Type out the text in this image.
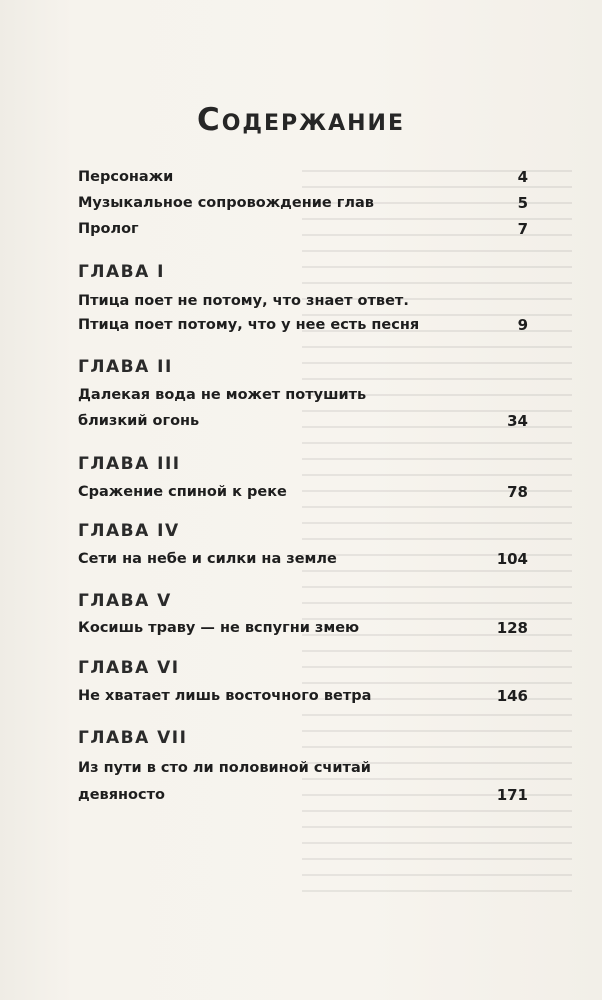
Содержание
Персонажи	4
Музыкальное сопровождение глав	5
Пролог	7
ГЛАВА I
Птица поет не потому, что знает ответ.
Птица поет потому, что у нее есть песня	9
ГЛАВА II
Далекая вода не может потушить
близкий огонь	34
ГЛАВА III
Сражение спиной к реке	78
ГЛАВА IV
Сети на небе и силки на земле	104
ГЛАВА V
Косишь траву — не вспугни змею	128
ГЛАВА VI
Не хватает лишь восточного ветра	146
ГЛАВА VII
Из пути в сто ли половиной считай
девяносто	171
